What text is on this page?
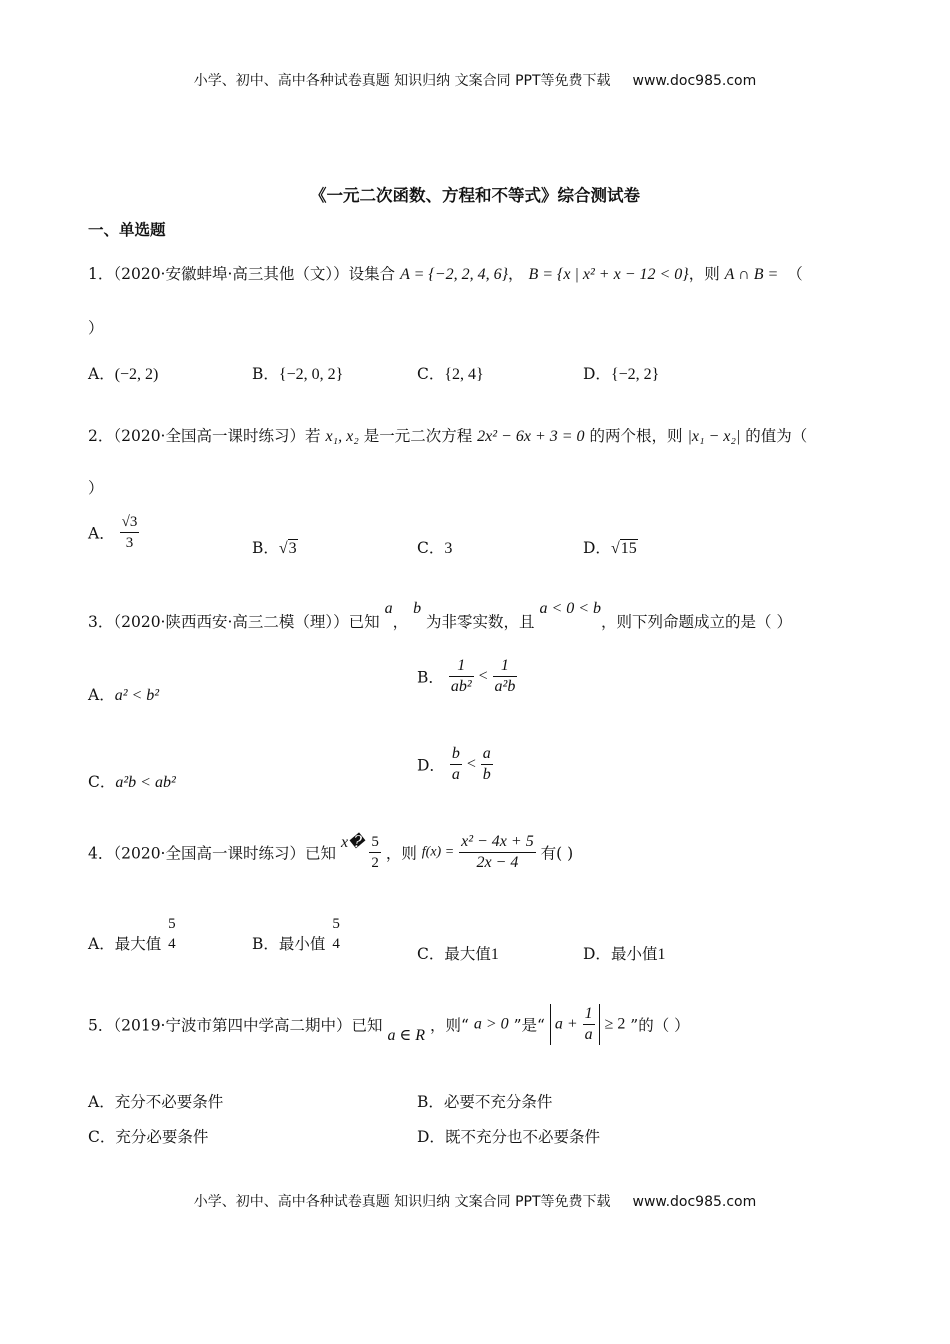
小学、初中、高中各种试卷真题 知识归纳 文案合同 PPT等免费下载 www.doc985.com
《一元二次函数、方程和不等式》综合测试卷
一、单选题
1．（2020·安徽蚌埠·高三其他（文））设集合 A = {−2, 2, 4, 6}， B = {x | x² + x − 12 < 0}，则 A ∩ B = （
）
A．(−2, 2)	B．{−2, 0, 2}	C．{2, 4}	D．{−2, 2}
2．（2020·全国高一课时练习）若 x₁, x₂ 是一元二次方程 2x² − 6x + 3 = 0 的两个根，则 |x₁ − x₂| 的值为（
）
A． $\frac{√3}{3}$	B．√3	C．3	D．√15
3．（2020·陕西西安·高三二模（理））已知 a， b 为非零实数，且 a < 0 < b，则下列命题成立的是（ ）
A．a² < b²
B． $\frac{1}{\text{ab²}} < \frac{1}{\text{a²b}}$
C．a²b < ab²
D． $\frac{b}{a} < \frac{a}{b}$
4．（2020·全国高一课时练习）已知 x� $\frac{5}{2}$ ，则 $f(x) = \frac{\text{x² − 4x + 5}}{2x - 4}$ 有( )
A．最大值
5
4	B．最小值
5
4
C．最大值1	D．最小值1
5．（2019·宁波市第四中学高二期中）已知 a ∈ R ，则“ a > 0 ”是“ $a + \frac{1}{a} \ge 2$ ”的（ ）
A．充分不必要条件	B．必要不充分条件
C．充分必要条件	D．既不充分也不必要条件
小学、初中、高中各种试卷真题 知识归纳 文案合同 PPT等免费下载 www.doc985.com
